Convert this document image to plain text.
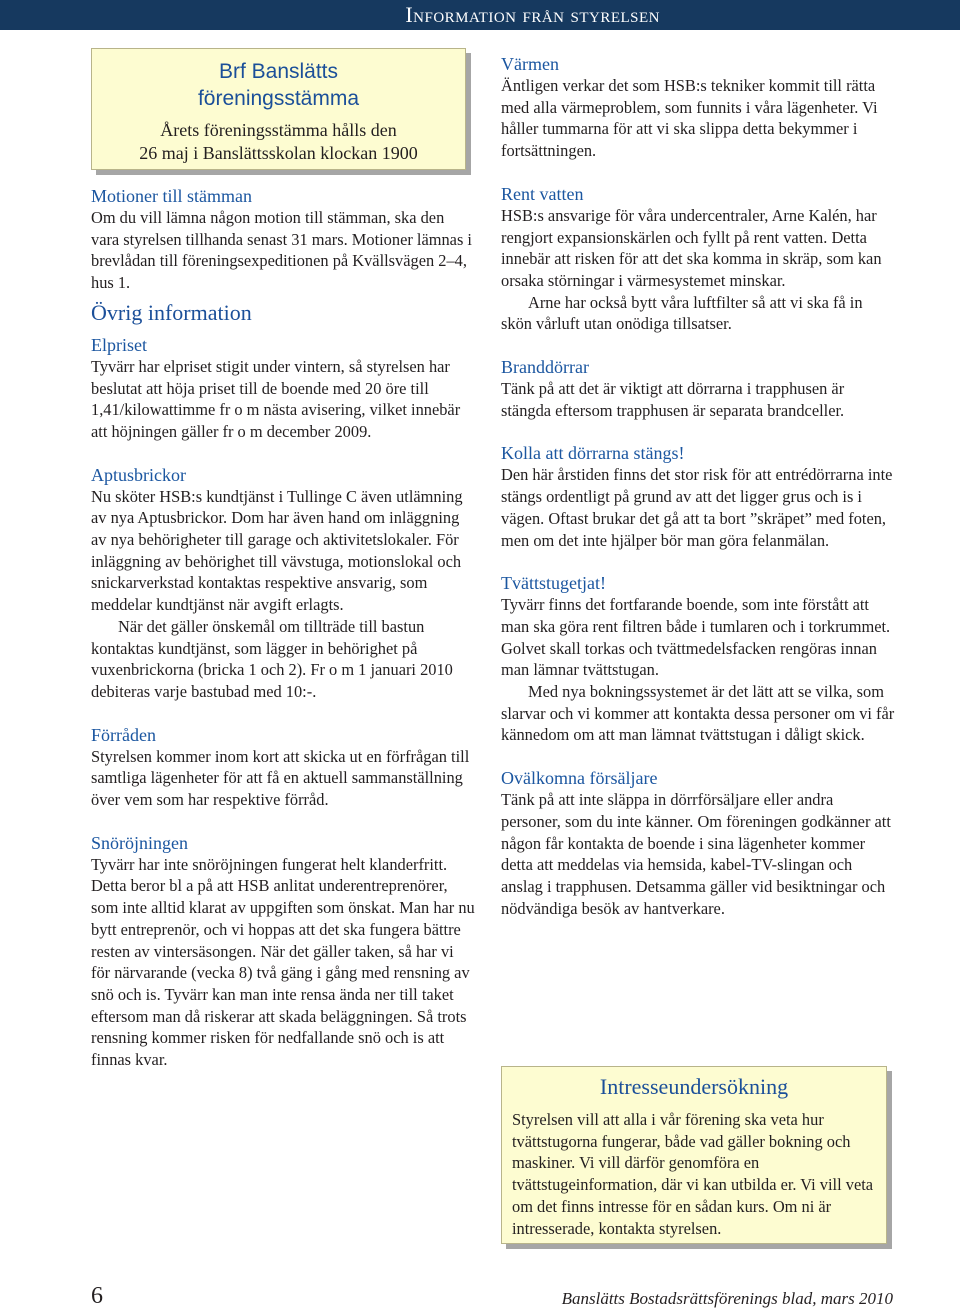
Information från styrelsen
Brf Banslätts
föreningsstämma
Årets föreningsstämma hålls den
26 maj i Banslättsskolan klockan 1900
Motioner till stämman

Om du vill lämna någon motion till stämman, ska den vara styrelsen tillhanda senast 31 mars. Motioner lämnas i brevlådan till föreningsexpeditionen på Kvällsvägen 2–4, hus 1.

Övrig information
Elpriset

Tyvärr har elpriset stigit under vintern, så styrelsen har beslutat att höja priset till de boende med 20 öre till 1,41/kilowattimme fr o m nästa avisering, vilket innebär att höjningen gäller fr o m december 2009.

Aptusbrickor

Nu sköter HSB:s kundtjänst i Tullinge C även utlämning av nya Aptusbrickor. Dom har även hand om inläggning av nya behörigheter till garage och aktivitetslokaler. För inläggning av behörighet till vävstuga, motionslokal och snickarverkstad kontaktas respektive ansvarig, som meddelar kundtjänst när avgift erlagts.

När det gäller önskemål om tillträde till bastun kontaktas kundtjänst, som lägger in behörighet på vuxenbrickorna (bricka 1 och 2). Fr o m 1 januari 2010 debiteras varje bastubad med 10:-.

Förråden

Styrelsen kommer inom kort att skicka ut en förfrågan till samtliga lägenheter för att få en aktuell sammanställning över vem som har respektive förråd.

Snöröjningen

Tyvärr har inte snöröjningen fungerat helt klanderfritt. Detta beror bl a på att HSB anlitat underentreprenörer, som inte alltid klarat av uppgiften som önskat. Man har nu bytt entreprenör, och vi hoppas att det ska fungera bättre resten av vintersäsongen. När det gäller taken, så har vi för närvarande (vecka 8) två gäng i gång med rensning av snö och is. Tyvärr kan man inte rensa ända ner till taket eftersom man då riskerar att skada beläggningen. Så trots rensning kommer risken för nedfallande snö och is att finnas kvar.

Värmen

Äntligen verkar det som HSB:s tekniker kommit till rätta med alla värmeproblem, som funnits i våra lägenheter. Vi håller tummarna för att vi ska slippa detta bekymmer i fortsättningen.

Rent vatten

HSB:s ansvarige för våra undercentraler, Arne Kalén, har rengjort expansionskärlen och fyllt på rent vatten. Detta innebär att risken för att det ska komma in skräp, som kan orsaka störningar i värmesystemet minskar.

Arne har också bytt våra luftfilter så att vi ska få in skön vårluft utan onödiga tillsatser.

Branddörrar

Tänk på att det är viktigt att dörrarna i trapphusen är stängda eftersom trapphusen är separata brandceller.

Kolla att dörrarna stängs!

Den här årstiden finns det stor risk för att entrédörrarna inte stängs ordentligt på grund av att det ligger grus och is i vägen. Oftast brukar det gå att ta bort ”skräpet” med foten, men om det inte hjälper bör man göra felanmälan.

Tvättstugetjat!

Tyvärr finns det fortfarande boende, som inte förstått att man ska göra rent filtren både i tumlaren och i torkrummet. Golvet skall torkas och tvättmedelsfacken rengöras innan man lämnar tvättstugan.

Med nya bokningssystemet är det lätt att se vilka, som slarvar och vi kommer att kontakta dessa personer om vi får kännedom om att man lämnat tvättstugan i dåligt skick.

Ovälkomna försäljare

Tänk på att inte släppa in dörrförsäljare eller andra personer, som du inte känner. Om föreningen godkänner att någon får kontakta de boende i sina lägenheter kommer detta att meddelas via hemsida, kabel-TV-slingan och anslag i trapphusen. Detsamma gäller vid besiktningar och nödvändiga besök av hantverkare.

Intresseundersökning

Styrelsen vill att alla i vår förening ska veta hur tvättstugorna fungerar, både vad gäller bokning och maskiner. Vi vill därför genomföra en tvättstugeinformation, där vi kan utbilda er. Vi vill veta om det finns intresse för en sådan kurs. Om ni är intresserade, kontakta styrelsen.

6	Banslätts Bostadsrättsförenings blad, mars 2010
